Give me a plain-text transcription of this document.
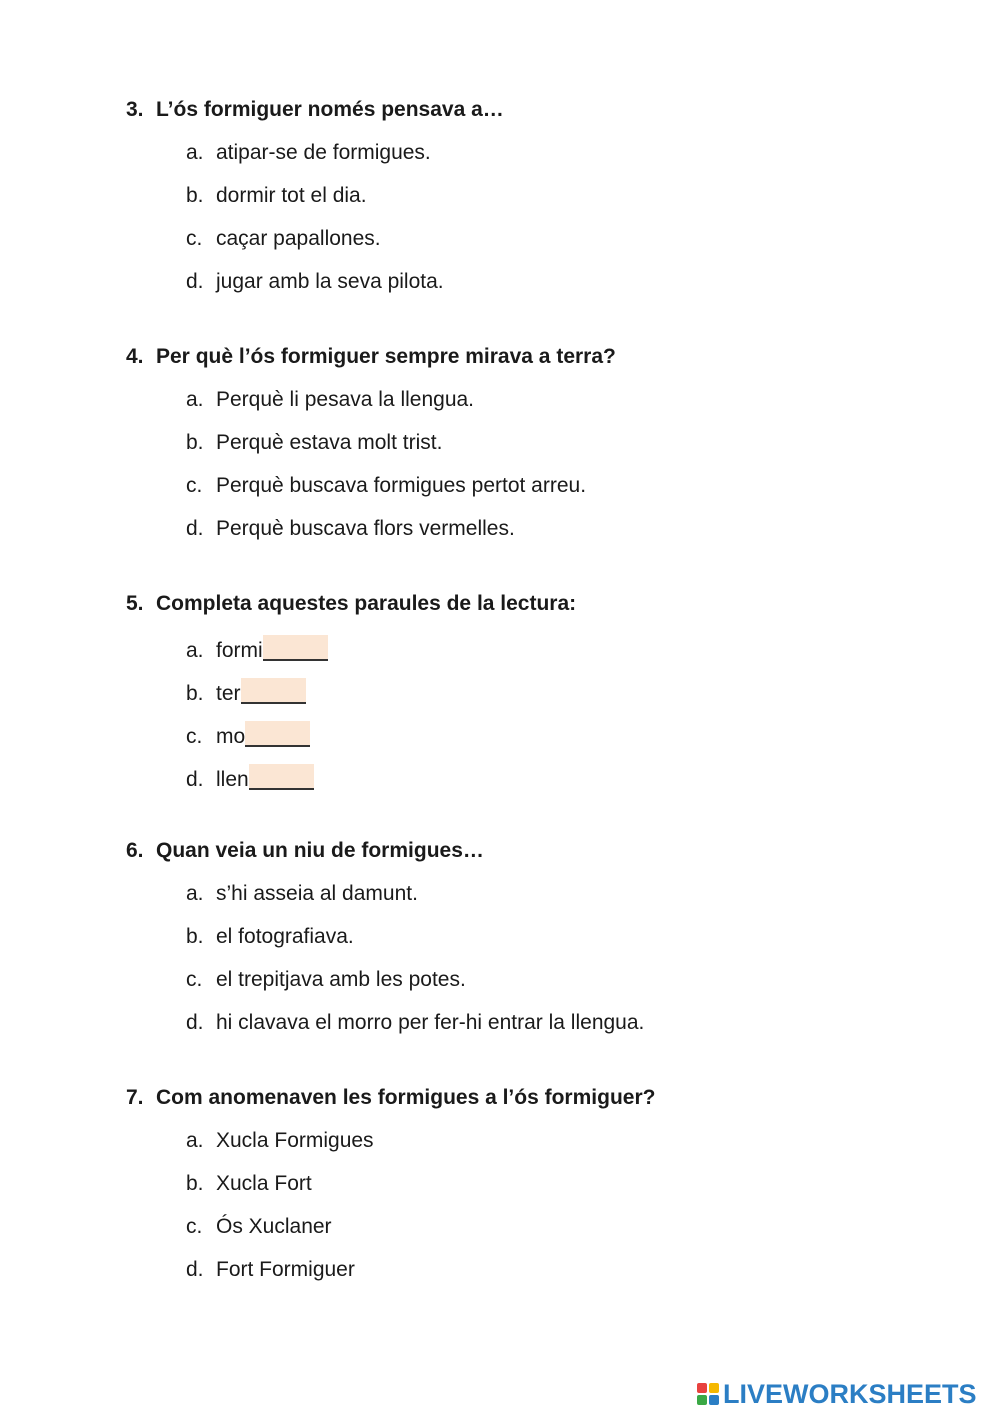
3. L’ós formiguer només pensava a…
a. atipar-se de formigues.
b. dormir tot el dia.
c. caçar papallones.
d. jugar amb la seva pilota.
4. Per què l’ós formiguer sempre mirava a terra?
a. Perquè li pesava la llengua.
b. Perquè estava molt trist.
c. Perquè buscava formigues pertot arreu.
d. Perquè buscava flors vermelles.
5. Completa aquestes paraules de la lectura:
a. formi
b. ter
c. mo
d. llen
6. Quan veia un niu de formigues…
a. s’hi asseia al damunt.
b. el fotografiava.
c. el trepitjava amb les potes.
d. hi clavava el morro per fer-hi entrar la llengua.
7. Com anomenaven les formigues a l’ós formiguer?
a. Xucla Formigues
b. Xucla Fort
c. Ós Xuclaner
d. Fort Formiguer
LIVEWORKSHEETS
